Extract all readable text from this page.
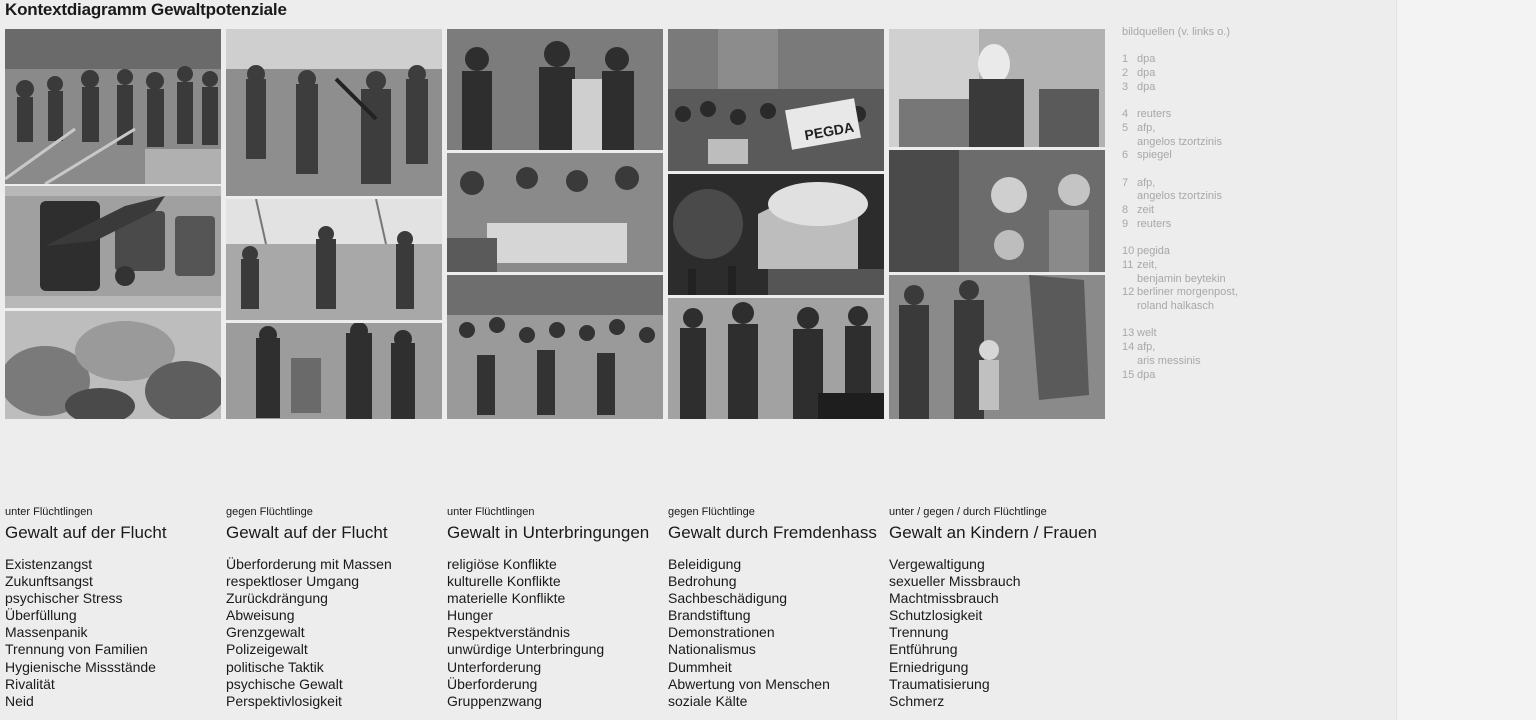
Kontextdiagramm Gewaltpotenziale
PEGDA
bildquellen (v. links o.)
1 dpa
2 dpa
3 dpa
4 reuters
5 afp,
angelos tzortzinis
6 spiegel
7 afp,
angelos tzortzinis
8 zeit
9 reuters
10 pegida
11 zeit,
benjamin beytekin
12 berliner morgenpost,
roland halkasch
13 welt
14 afp,
aris messinis
15 dpa
unter Flüchtlingen
Gewalt auf der Flucht
Existenzangst
Zukunftsangst
psychischer Stress
Überfüllung
Massenpanik
Trennung von Familien
Hygienische Missstände
Rivalität
Neid
gegen Flüchtlinge
Gewalt auf der Flucht
Überforderung mit Massen
respektloser Umgang
Zurückdrängung
Abweisung
Grenzgewalt
Polizeigewalt
politische Taktik
psychische Gewalt
Perspektivlosigkeit
unter Flüchtlingen
Gewalt in Unterbringungen
religiöse Konflikte
kulturelle Konflikte
materielle Konflikte
Hunger
Respektverständnis
unwürdige Unterbringung
Unterforderung
Überforderung
Gruppenzwang
gegen Flüchtlinge
Gewalt durch Fremdenhass
Beleidigung
Bedrohung
Sachbeschädigung
Brandstiftung
Demonstrationen
Nationalismus
Dummheit
Abwertung von Menschen
soziale Kälte
unter / gegen / durch Flüchtlinge
Gewalt an Kindern / Frauen
Vergewaltigung
sexueller Missbrauch
Machtmissbrauch
Schutzlosigkeit
Trennung
Entführung
Erniedrigung
Traumatisierung
Schmerz
